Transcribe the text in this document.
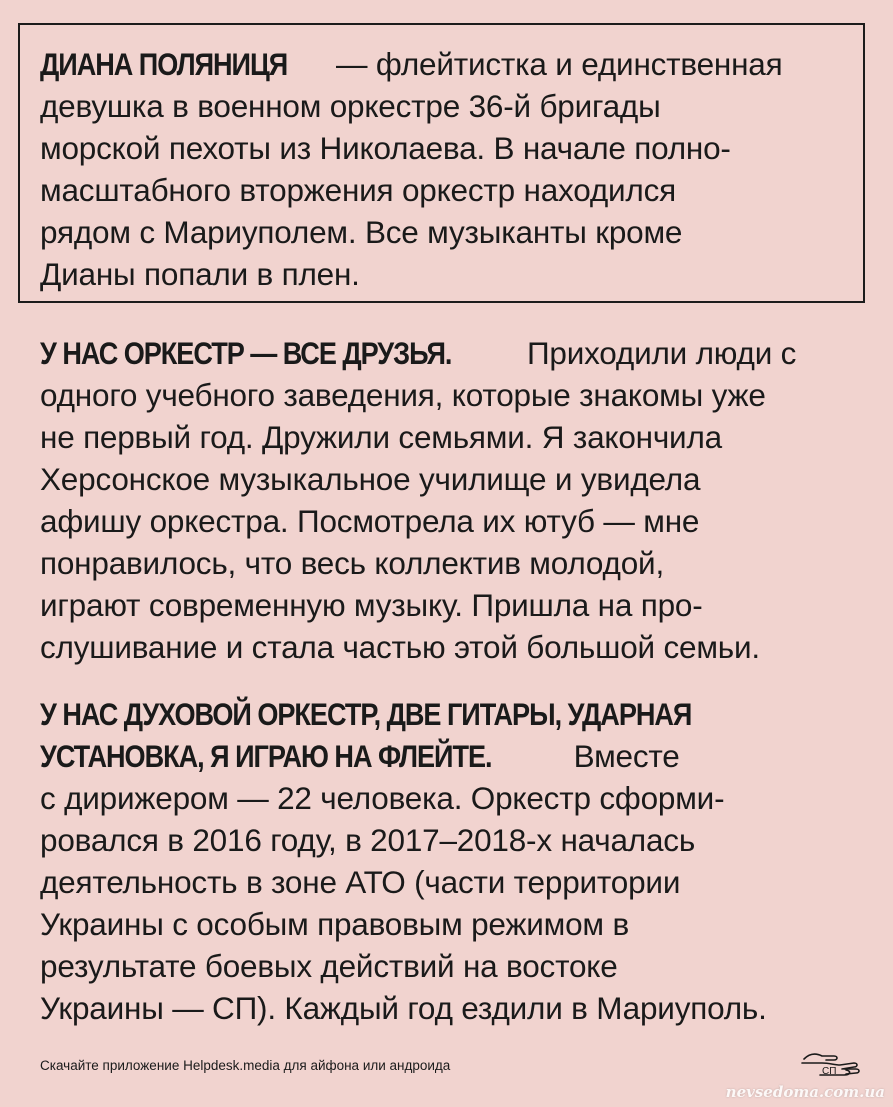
ДИАНА ПОЛЯНИЦЯ — флейтистка и единственная
девушка в военном оркестре 36-й бригады
морской пехоты из Николаева. В начале полно-
масштабного вторжения оркестр находился
рядом с Мариуполем. Все музыканты кроме
Дианы попали в плен.

У НАС ОРКЕСТР — ВСЕ ДРУЗЬЯ. Приходили люди с
одного учебного заведения, которые знакомы уже
не первый год. Дружили семьями. Я закончила
Херсонское музыкальное училище и увидела
афишу оркестра. Посмотрела их ютуб — мне
понравилось, что весь коллектив молодой,
играют современную музыку. Пришла на про-
слушивание и стала частью этой большой семьи.

У НАС ДУХОВОЙ ОРКЕСТР, ДВЕ ГИТАРЫ, УДАРНАЯ
УСТАНОВКА, Я ИГРАЮ НА ФЛЕЙТЕ. Вместе
с дирижером — 22 человека. Оркестр сформи-
ровался в 2016 году, в 2017–2018-х началась
деятельность в зоне АТО (части территории
Украины с особым правовым режимом в
результате боевых действий на востоке
Украины — СП). Каждый год ездили в Мариуполь.

Скачайте приложение Helpdesk.media для айфона или андроида	СП
nevsedoma.com.ua
